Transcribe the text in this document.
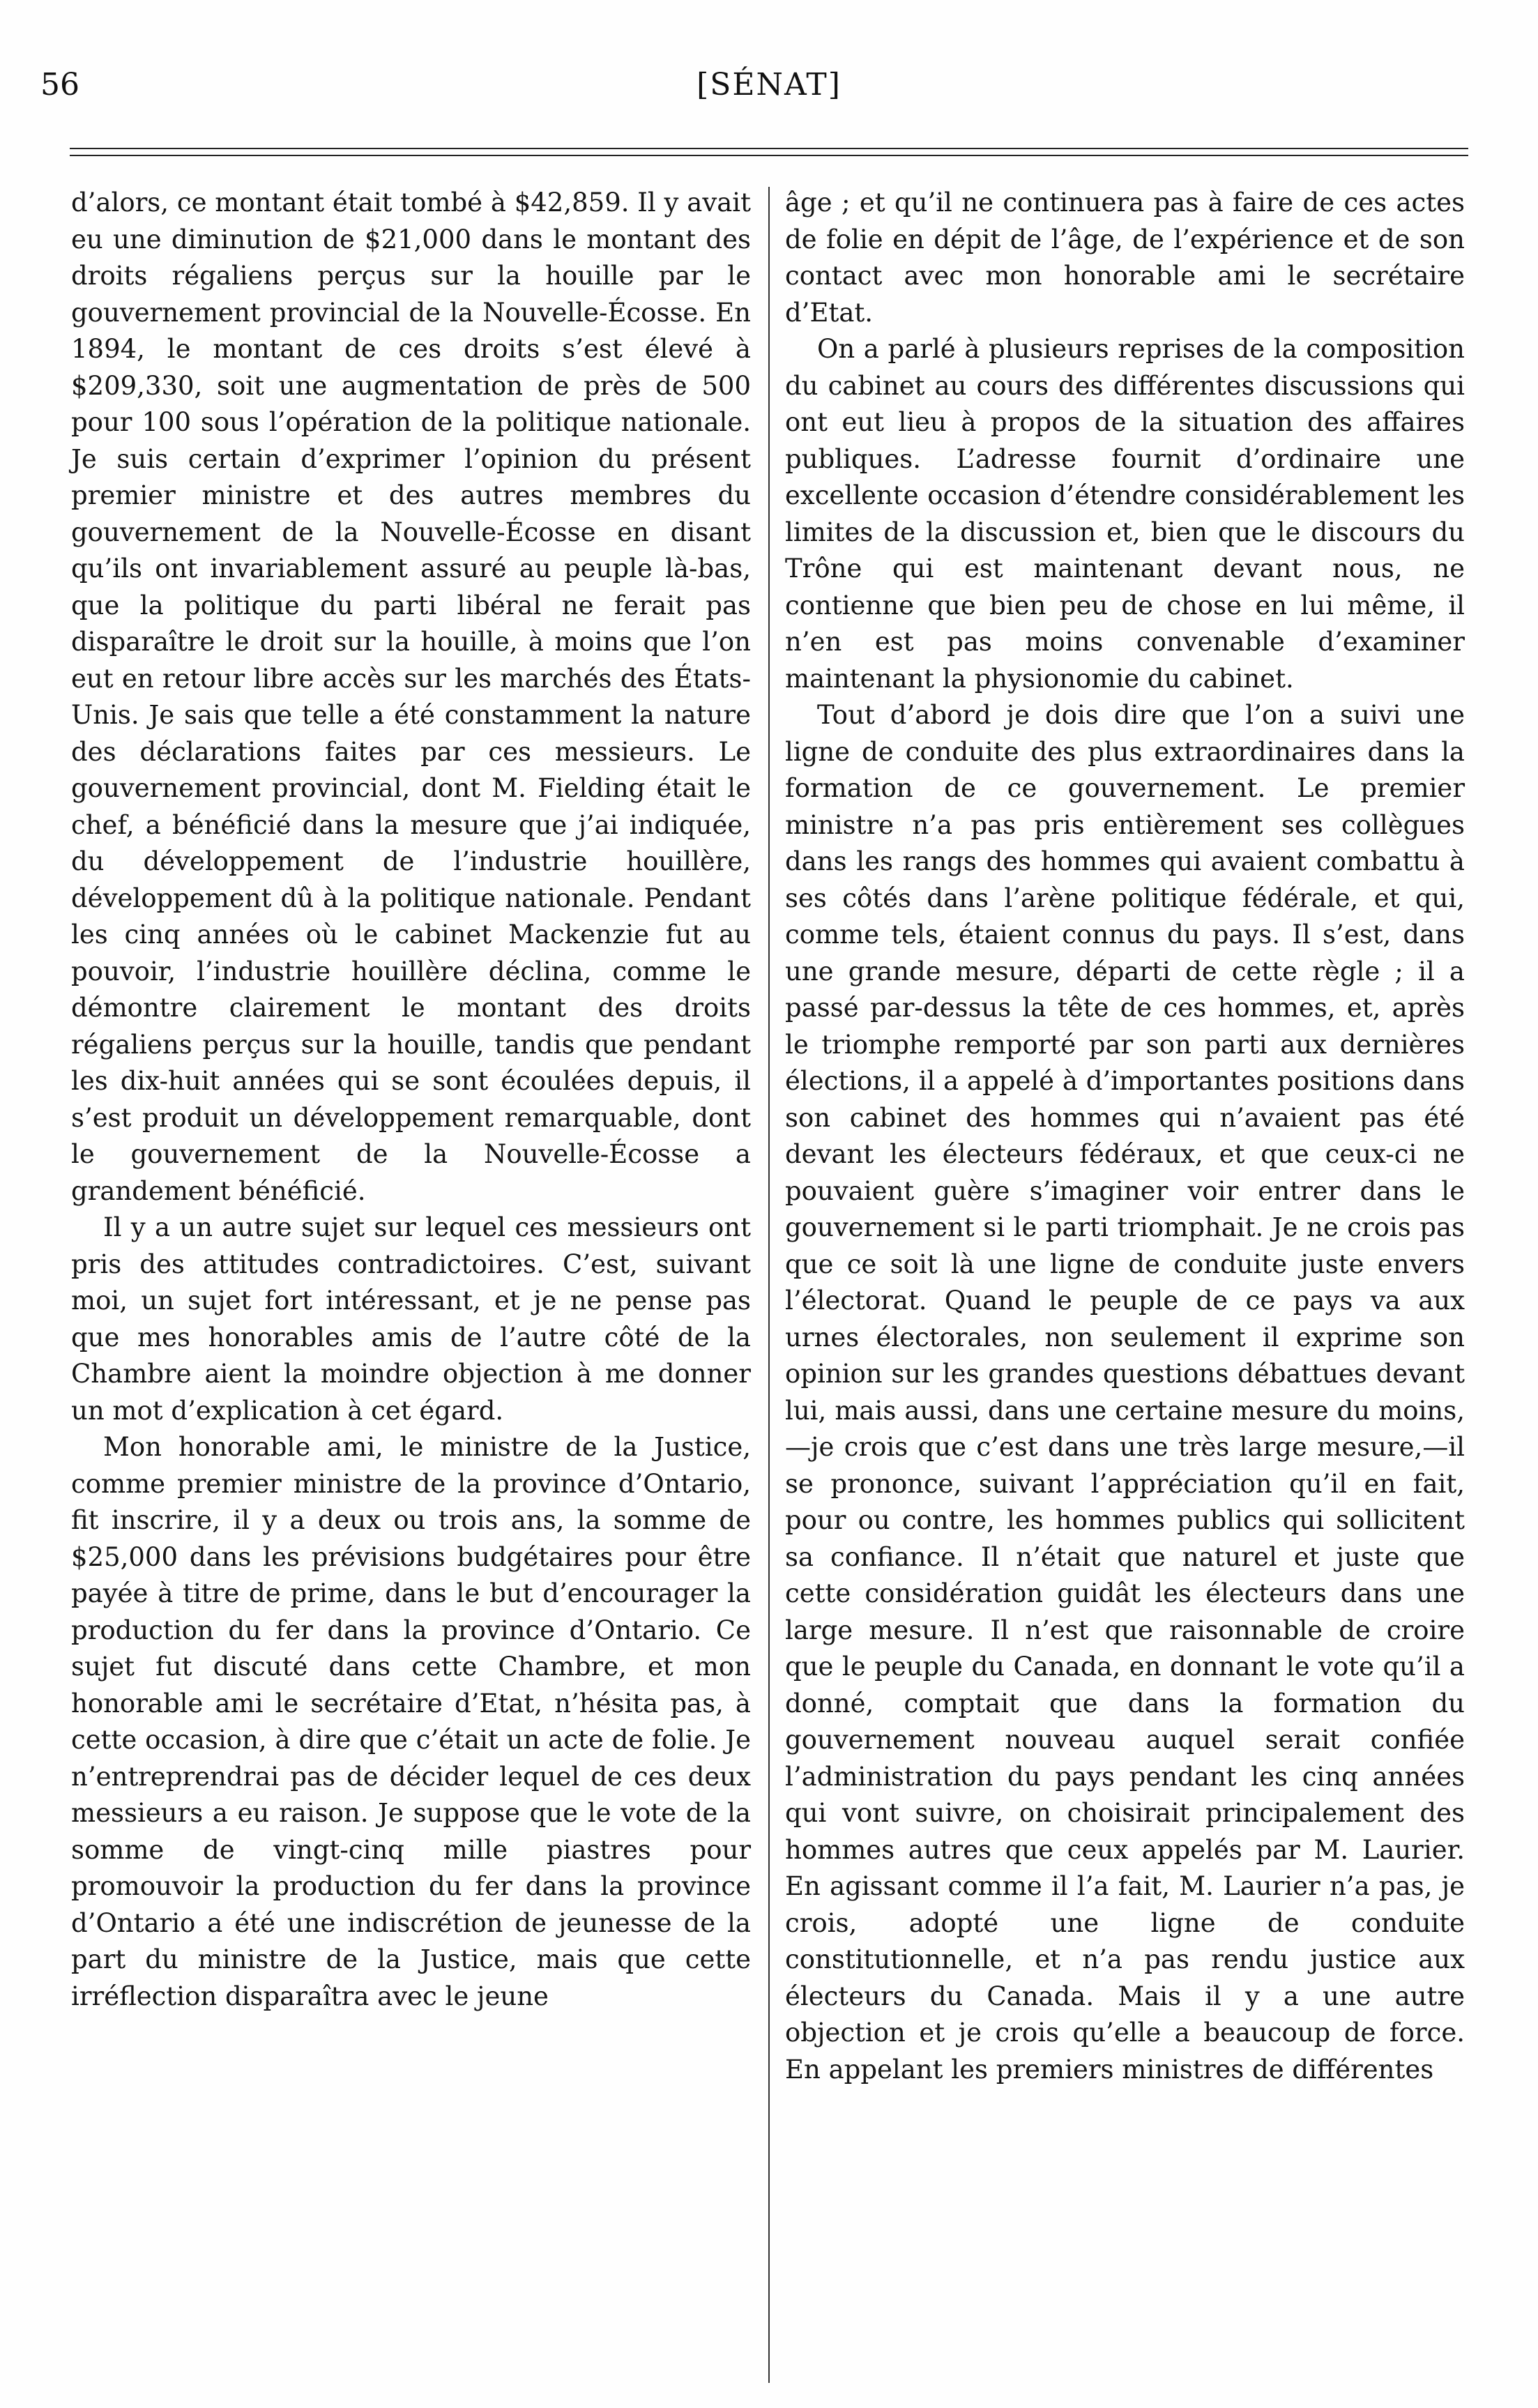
56	[SÉNAT]

d’alors, ce montant était tombé à $42,859. Il y avait eu une diminution de $21,000 dans le montant des droits régaliens perçus sur la houille par le gouvernement provincial de la Nouvelle-Écosse. En 1894, le montant de ces droits s’est élevé à $209,330, soit une augmentation de près de 500 pour 100 sous l’opération de la politique nationale. Je suis certain d’exprimer l’opinion du présent premier ministre et des autres membres du gouvernement de la Nouvelle-Écosse en disant qu’ils ont invariablement assuré au peuple là-bas, que la politique du parti libéral ne ferait pas disparaître le droit sur la houille, à moins que l’on eut en retour libre accès sur les marchés des États-Unis. Je sais que telle a été constamment la nature des déclarations faites par ces messieurs. Le gouvernement provincial, dont M. Fielding était le chef, a bénéficié dans la mesure que j’ai indiquée, du développement de l’industrie houillère, développement dû à la politique nationale. Pendant les cinq années où le cabinet Mackenzie fut au pouvoir, l’industrie houillère déclina, comme le démontre clairement le montant des droits régaliens perçus sur la houille, tandis que pendant les dix-huit années qui se sont écoulées depuis, il s’est produit un développement remarquable, dont le gouvernement de la Nouvelle-Écosse a grandement bénéficié.

Il y a un autre sujet sur lequel ces messieurs ont pris des attitudes contradictoires. C’est, suivant moi, un sujet fort intéressant, et je ne pense pas que mes honorables amis de l’autre côté de la Chambre aient la moindre objection à me donner un mot d’explication à cet égard.

Mon honorable ami, le ministre de la Justice, comme premier ministre de la province d’Ontario, fit inscrire, il y a deux ou trois ans, la somme de $25,000 dans les prévisions budgétaires pour être payée à titre de prime, dans le but d’encourager la production du fer dans la province d’Ontario. Ce sujet fut discuté dans cette Chambre, et mon honorable ami le secrétaire d’Etat, n’hésita pas, à cette occasion, à dire que c’était un acte de folie. Je n’entreprendrai pas de décider lequel de ces deux messieurs a eu raison. Je suppose que le vote de la somme de vingt-cinq mille piastres pour promouvoir la production du fer dans la province d’Ontario a été une indiscrétion de jeunesse de la part du ministre de la Justice, mais que cette irréflection disparaîtra avec le jeune

âge ; et qu’il ne continuera pas à faire de ces actes de folie en dépit de l’âge, de l’expérience et de son contact avec mon honorable ami le secrétaire d’Etat.

On a parlé à plusieurs reprises de la composition du cabinet au cours des différentes discussions qui ont eut lieu à propos de la situation des affaires publiques. L’adresse fournit d’ordinaire une excellente occasion d’étendre considérablement les limites de la discussion et, bien que le discours du Trône qui est maintenant devant nous, ne contienne que bien peu de chose en lui même, il n’en est pas moins convenable d’examiner maintenant la physionomie du cabinet.

Tout d’abord je dois dire que l’on a suivi une ligne de conduite des plus extraordinaires dans la formation de ce gouvernement. Le premier ministre n’a pas pris entièrement ses collègues dans les rangs des hommes qui avaient combattu à ses côtés dans l’arène politique fédérale, et qui, comme tels, étaient connus du pays. Il s’est, dans une grande mesure, départi de cette règle ; il a passé par-dessus la tête de ces hommes, et, après le triomphe remporté par son parti aux dernières élections, il a appelé à d’importantes positions dans son cabinet des hommes qui n’avaient pas été devant les électeurs fédéraux, et que ceux-ci ne pouvaient guère s’imaginer voir entrer dans le gouvernement si le parti triomphait. Je ne crois pas que ce soit là une ligne de conduite juste envers l’électorat. Quand le peuple de ce pays va aux urnes électorales, non seulement il exprime son opinion sur les grandes questions débattues devant lui, mais aussi, dans une certaine mesure du moins,—je crois que c’est dans une très large mesure,—il se prononce, suivant l’appréciation qu’il en fait, pour ou contre, les hommes publics qui sollicitent sa confiance. Il n’était que naturel et juste que cette considération guidât les électeurs dans une large mesure. Il n’est que raisonnable de croire que le peuple du Canada, en donnant le vote qu’il a donné, comptait que dans la formation du gouvernement nouveau auquel serait confiée l’administration du pays pendant les cinq années qui vont suivre, on choisirait principalement des hommes autres que ceux appelés par M. Laurier. En agissant comme il l’a fait, M. Laurier n’a pas, je crois, adopté une ligne de conduite constitutionnelle, et n’a pas rendu justice aux électeurs du Canada. Mais il y a une autre objection et je crois qu’elle a beaucoup de force. En appelant les premiers ministres de différentes
